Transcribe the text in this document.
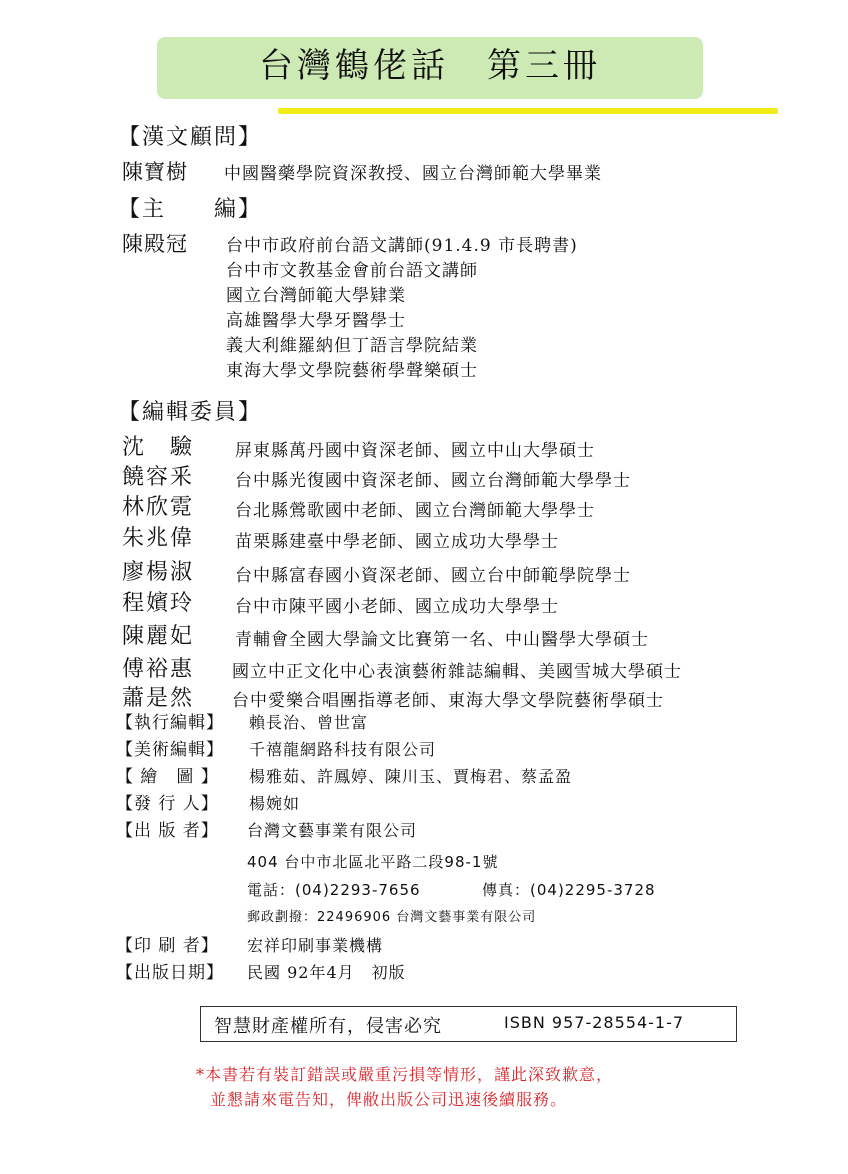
台灣鶴佬話　第三冊
【漢文顧問】
陳寶樹 中國醫藥學院資深教授、國立台灣師範大學畢業
【主　　編】
陳殿冠 台中市政府前台語文講師(91.4.9 市長聘書)
台中市文教基金會前台語文講師
國立台灣師範大學肄業
高雄醫學大學牙醫學士
義大利維羅納但丁語言學院結業
東海大學文學院藝術學聲樂碩士
【編輯委員】
沈　驗 屏東縣萬丹國中資深老師、國立中山大學碩士
饒容釆 台中縣光復國中資深老師、國立台灣師範大學學士
林欣霓 台北縣鶯歌國中老師、國立台灣師範大學學士
朱兆偉 苗栗縣建臺中學老師、國立成功大學學士
廖楊淑 台中縣富春國小資深老師、國立台中師範學院學士
程嬪玲 台中市陳平國小老師、國立成功大學學士
陳麗妃 青輔會全國大學論文比賽第一名、中山醫學大學碩士
傅裕惠 國立中正文化中心表演藝術雜誌編輯、美國雪城大學碩士
蕭是然 台中愛樂合唱團指導老師、東海大學文學院藝術學碩士
【執行編輯】 賴長治、曾世富
【美術編輯】 千禧龍網路科技有限公司
【 繪　圖 】 楊雅茹、許鳳婷、陳川玉、賈梅君、蔡孟盈
【發 行 人】 楊婉如
【出 版 者】 台灣文藝事業有限公司
404 台中市北區北平路二段98-1號
電話：(04)2293-7656	傳真：(04)2295-3728
郵政劃撥：22496906 台灣文藝事業有限公司
【印 刷 者】 宏祥印刷事業機構
【出版日期】 民國 92年4月　初版
智慧財產權所有，侵害必究	ISBN 957-28554-1-7
*本書若有裝訂錯誤或嚴重污損等情形，謹此深致歉意，
並懇請來電告知，俾敝出版公司迅速後續服務。
